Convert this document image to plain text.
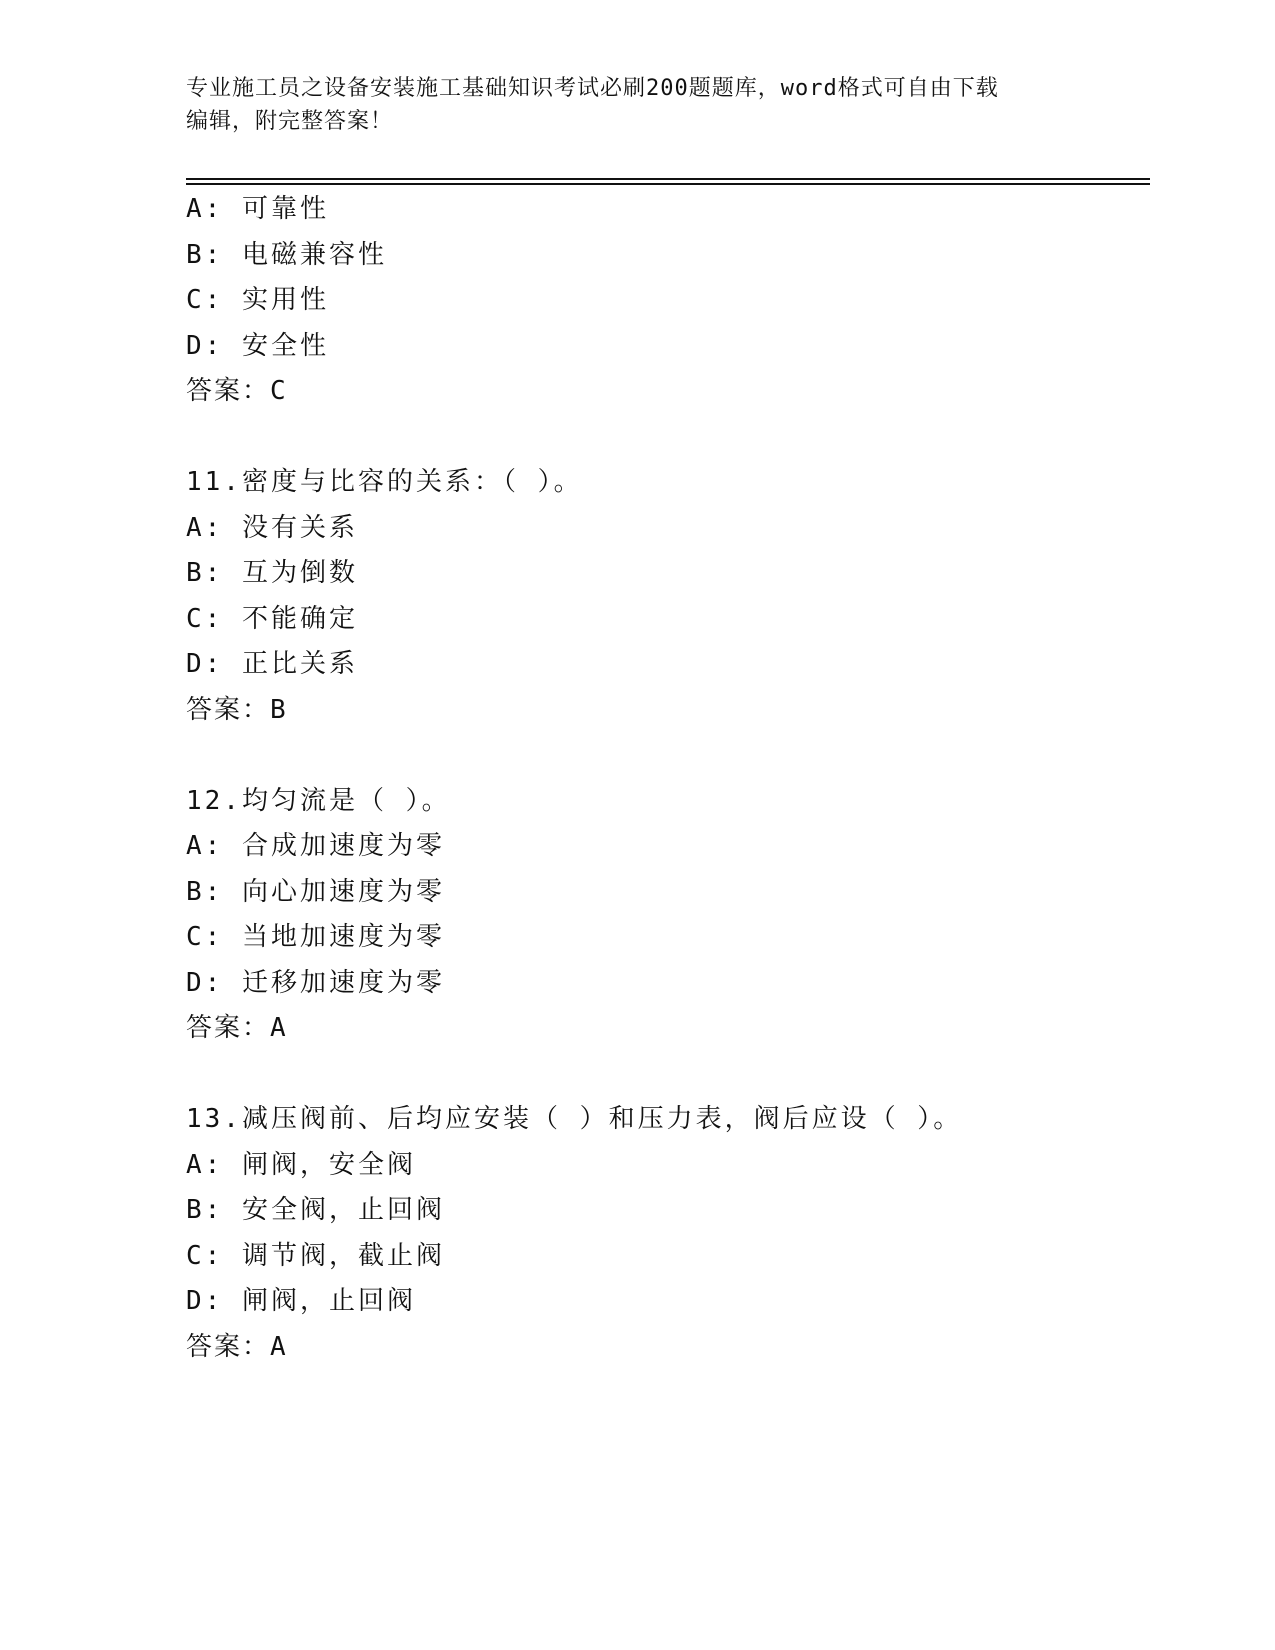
专业施工员之设备安装施工基础知识考试必刷200题题库，word格式可自由下载
编辑，附完整答案！
A: 可靠性
B: 电磁兼容性
C: 实用性
D: 安全性
答案：C
11.密度与比容的关系：（ ）。
A: 没有关系
B: 互为倒数
C: 不能确定
D: 正比关系
答案：B
12.均匀流是（ ）。
A: 合成加速度为零
B: 向心加速度为零
C: 当地加速度为零
D: 迁移加速度为零
答案：A
13.减压阀前、后均应安装（ ）和压力表，阀后应设（ ）。
A: 闸阀，安全阀
B: 安全阀，止回阀
C: 调节阀，截止阀
D: 闸阀，止回阀
答案：A
